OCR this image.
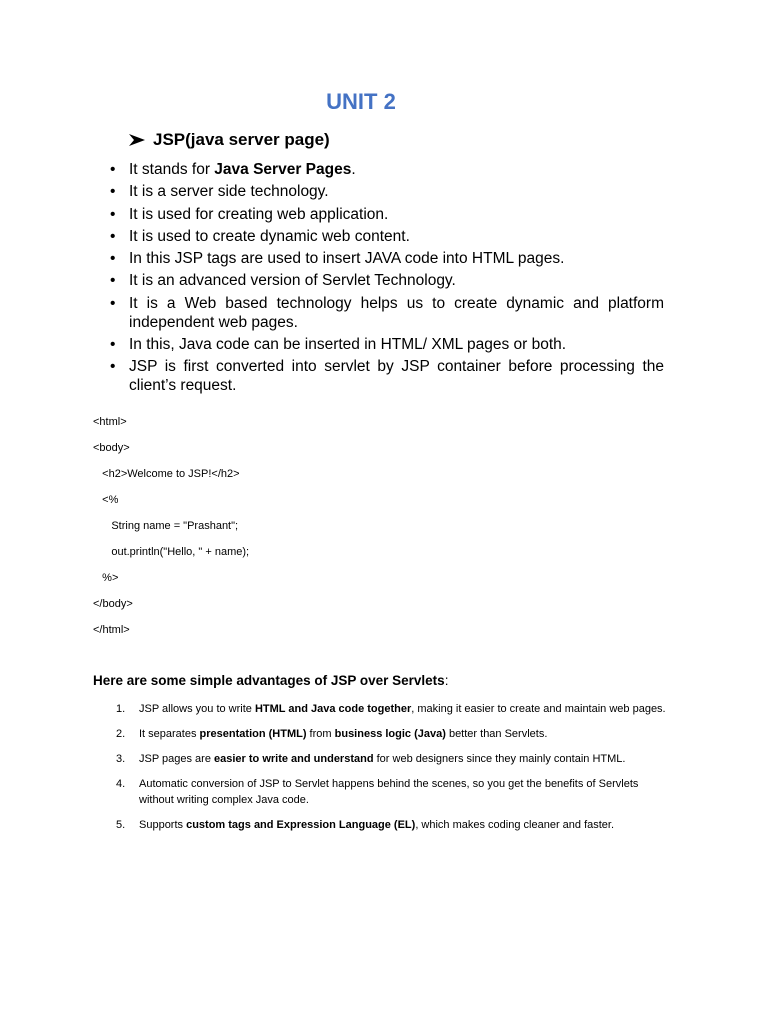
UNIT 2
JSP(java server page)
• It stands for Java Server Pages.
• It is a server side technology.
• It is used for creating web application.
• It is used to create dynamic web content.
• In this JSP tags are used to insert JAVA code into HTML pages.
• It is an advanced version of Servlet Technology.
• It is a Web based technology helps us to create dynamic and platform independent web pages.
• In this, Java code can be inserted in HTML/ XML pages or both.
• JSP is first converted into servlet by JSP container before processing the client’s request.
<html>
<body>
<h2>Welcome to JSP!</h2>
<%
String name = "Prashant";
out.println("Hello, " + name);
%>
</body>
</html>

Here are some simple advantages of JSP over Servlets:

1. JSP allows you to write HTML and Java code together, making it easier to create and maintain web pages.
2. It separates presentation (HTML) from business logic (Java) better than Servlets.
3. JSP pages are easier to write and understand for web designers since they mainly contain HTML.
4. Automatic conversion of JSP to Servlet happens behind the scenes, so you get the benefits of Servlets without writing complex Java code.
5. Supports custom tags and Expression Language (EL), which makes coding cleaner and faster.
